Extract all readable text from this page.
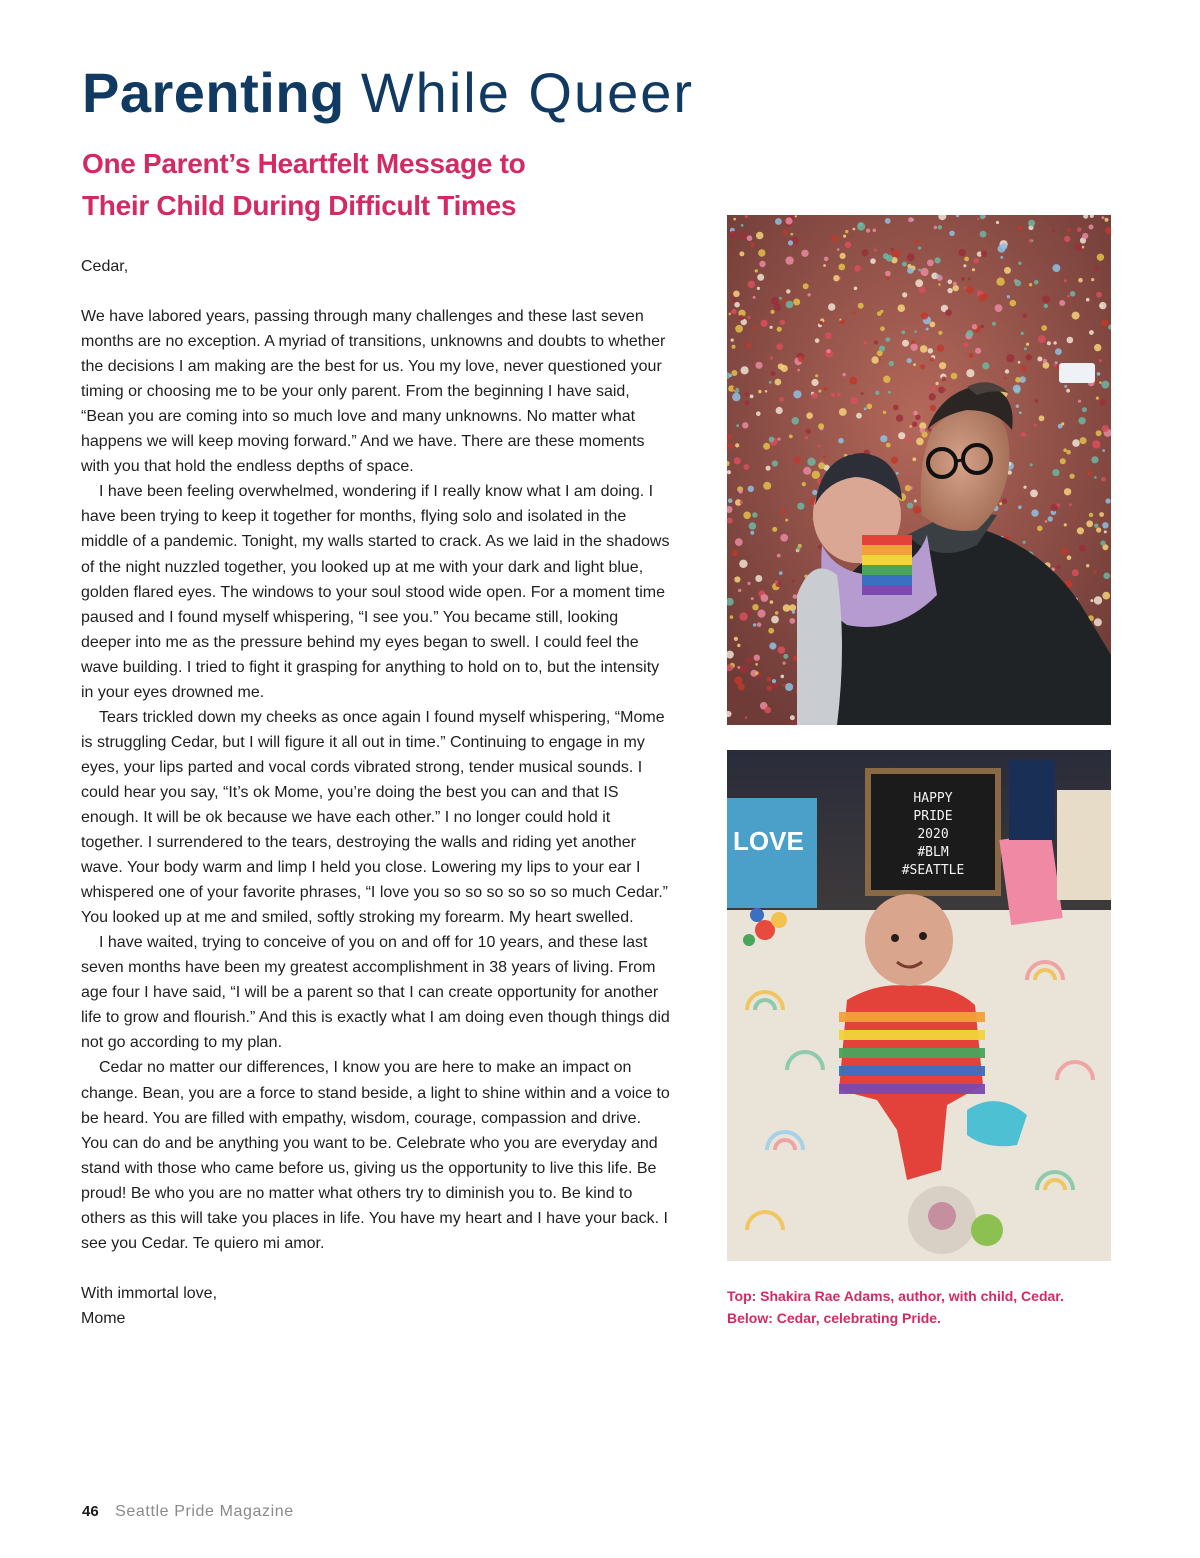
Parenting While Queer
One Parent’s Heartfelt Message to
Their Child During Difficult Times

Cedar,

We have labored years, passing through many challenges and these last seven months are no exception. A myriad of transitions, unknowns and doubts to whether the decisions I am making are the best for us. You my love, never questioned your timing or choosing me to be your only parent. From the beginning I have said, “Bean you are coming into so much love and many unknowns. No matter what happens we will keep moving forward.” And we have. There are these moments with you that hold the endless depths of space.

I have been feeling overwhelmed, wondering if I really know what I am doing. I have been trying to keep it together for months, flying solo and isolated in the middle of a pandemic. Tonight, my walls started to crack. As we laid in the shadows of the night nuzzled together, you looked up at me with your dark and light blue, golden flared eyes. The windows to your soul stood wide open. For a moment time paused and I found myself whispering, “I see you.” You became still, looking deeper into me as the pressure behind my eyes began to swell. I could feel the wave building. I tried to fight it grasping for anything to hold on to, but the intensity in your eyes drowned me.

Tears trickled down my cheeks as once again I found myself whispering, “Mome is struggling Cedar, but I will figure it all out in time.” Continuing to engage in my eyes, your lips parted and vocal cords vibrated strong, tender musical sounds. I could hear you say, “It’s ok Mome, you’re doing the best you can and that IS enough. It will be ok because we have each other.” I no longer could hold it together. I surrendered to the tears, destroying the walls and riding yet another wave. Your body warm and limp I held you close. Lowering my lips to your ear I whispered one of your favorite phrases, “I love you so so so so so so much Cedar.” You looked up at me and smiled, softly stroking my forearm. My heart swelled.

I have waited, trying to conceive of you on and off for 10 years, and these last seven months have been my greatest accomplishment in 38 years of living. From age four I have said, “I will be a parent so that I can create opportunity for another life to grow and flourish.” And this is exactly what I am doing even though things did not go according to my plan.

Cedar no matter our differences, I know you are here to make an impact on change. Bean, you are a force to stand beside, a light to shine within and a voice to be heard. You are filled with empathy, wisdom, courage, compassion and drive. You can do and be anything you want to be. Celebrate who you are everyday and stand with those who came before us, giving us the opportunity to live this life. Be proud! Be who you are no matter what others try to diminish you to. Be kind to others as this will take you places in life. You have my heart and I have your back. I see you Cedar. Te quiero mi amor.

With immortal love,

Mome

LOVE
HAPPY
PRIDE
2020
#BLM
#SEATTLE

Top: Shakira Rae Adams, author, with child, Cedar.

Below: Cedar, celebrating Pride.

46 Seattle Pride Magazine
